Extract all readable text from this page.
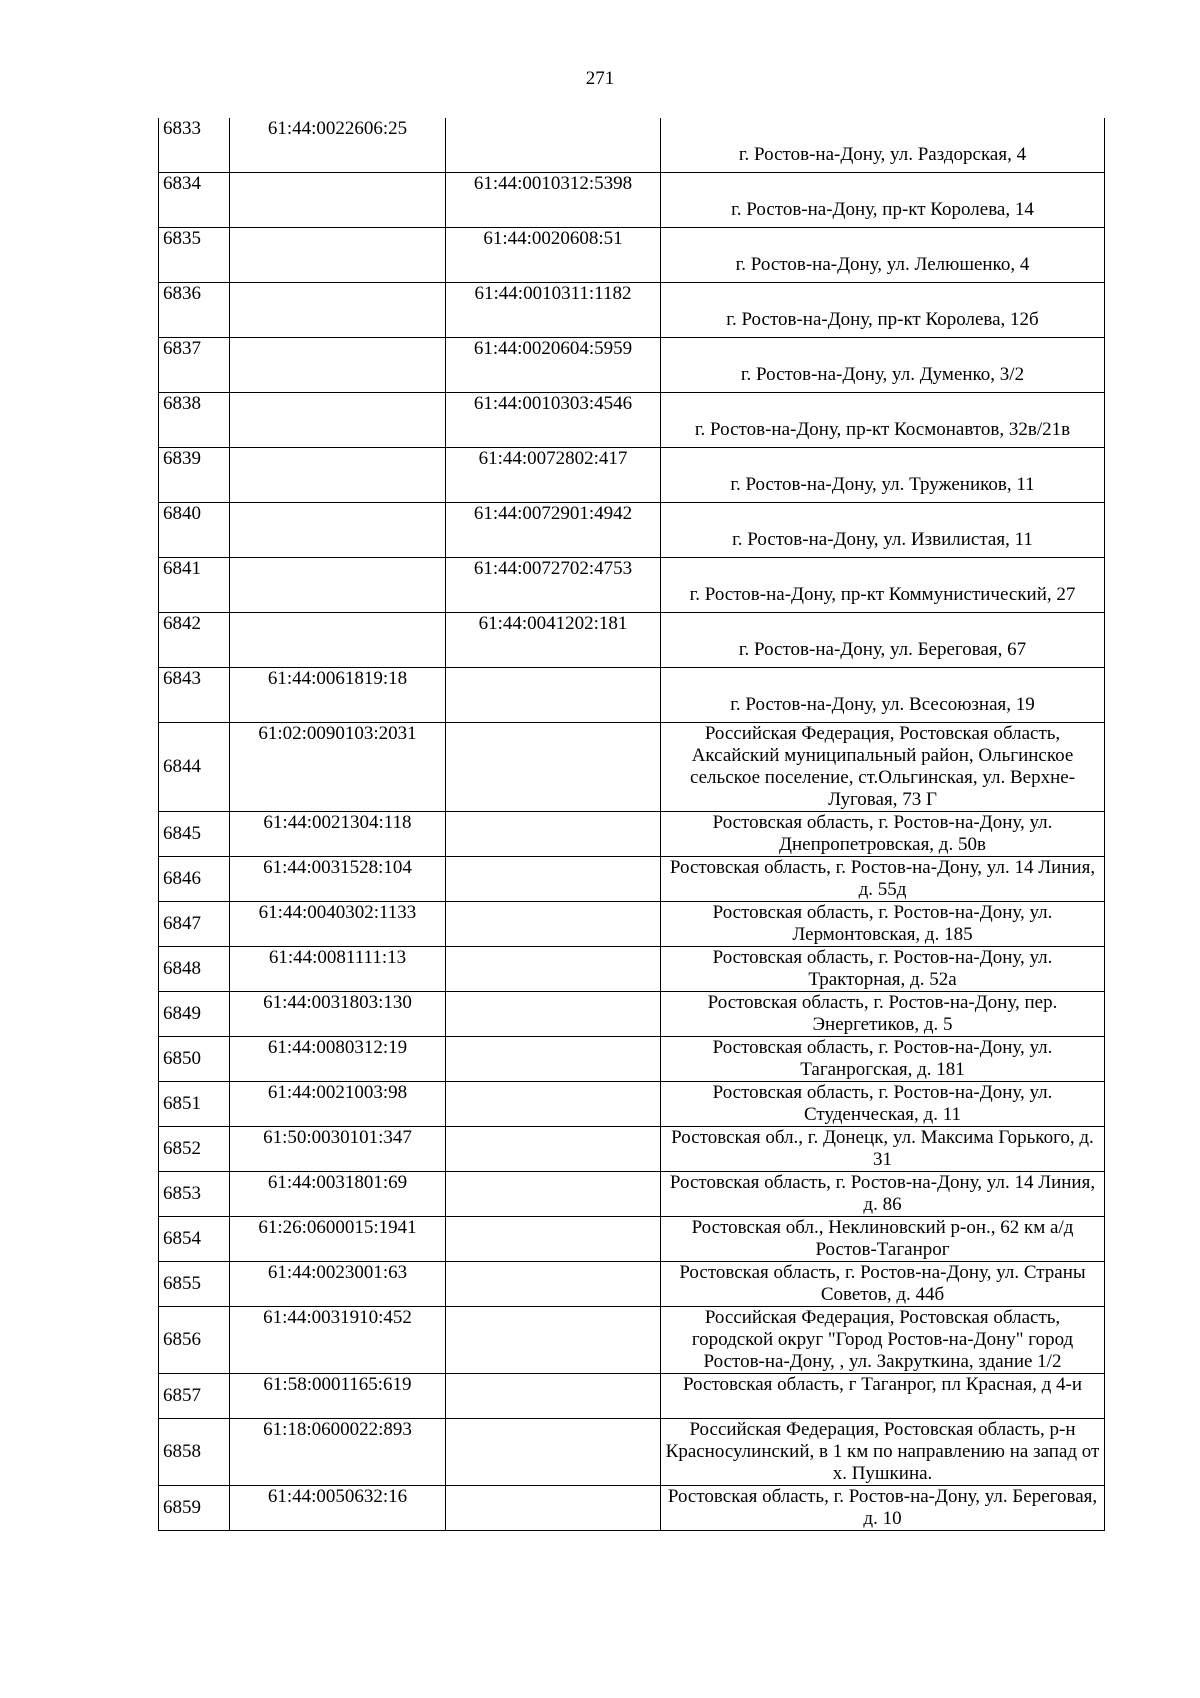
271
6833	61:44:0022606:25		г. Ростов-на-Дону, ул. Раздорская, 4
6834		61:44:0010312:5398	г. Ростов-на-Дону, пр-кт Королева, 14
6835		61:44:0020608:51	г. Ростов-на-Дону, ул. Лелюшенко, 4
6836		61:44:0010311:1182	г. Ростов-на-Дону, пр-кт Королева, 12б
6837		61:44:0020604:5959	г. Ростов-на-Дону, ул. Думенко, 3/2
6838		61:44:0010303:4546	г. Ростов-на-Дону, пр-кт Космонавтов, 32в/21в
6839		61:44:0072802:417	г. Ростов-на-Дону, ул. Тружеников, 11
6840		61:44:0072901:4942	г. Ростов-на-Дону, ул. Извилистая, 11
6841		61:44:0072702:4753	г. Ростов-на-Дону, пр-кт Коммунистический, 27
6842		61:44:0041202:181	г. Ростов-на-Дону, ул. Береговая, 67
6843	61:44:0061819:18		г. Ростов-на-Дону, ул. Всесоюзная, 19
6844	61:02:0090103:2031		Российская Федерация, Ростовская область, Аксайский муниципальный район, Ольгинское сельское поселение, ст.Ольгинская, ул. Верхне-Луговая, 73 Г
6845	61:44:0021304:118		Ростовская область, г. Ростов-на-Дону, ул. Днепропетровская, д. 50в
6846	61:44:0031528:104		Ростовская область, г. Ростов-на-Дону, ул. 14 Линия, д. 55д
6847	61:44:0040302:1133		Ростовская область, г. Ростов-на-Дону, ул. Лермонтовская, д. 185
6848	61:44:0081111:13		Ростовская область, г. Ростов-на-Дону, ул. Тракторная, д. 52а
6849	61:44:0031803:130		Ростовская область, г. Ростов-на-Дону, пер. Энергетиков, д. 5
6850	61:44:0080312:19		Ростовская область, г. Ростов-на-Дону, ул. Таганрогская, д. 181
6851	61:44:0021003:98		Ростовская область, г. Ростов-на-Дону, ул. Студенческая, д. 11
6852	61:50:0030101:347		Ростовская обл., г. Донецк, ул. Максима Горького, д. 31
6853	61:44:0031801:69		Ростовская область, г. Ростов-на-Дону, ул. 14 Линия, д. 86
6854	61:26:0600015:1941		Ростовская обл., Неклиновский р-он., 62 км а/д Ростов-Таганрог
6855	61:44:0023001:63		Ростовская область, г. Ростов-на-Дону, ул. Страны Советов, д. 44б
6856	61:44:0031910:452		Российская Федерация, Ростовская область, городской округ "Город Ростов-на-Дону" город Ростов-на-Дону, , ул. Закруткина, здание 1/2
6857	61:58:0001165:619		Ростовская область, г Таганрог, пл Красная, д 4-и
6858	61:18:0600022:893		Российская Федерация, Ростовская область, р-н Красносулинский, в 1 км по направлению на запад от х. Пушкина.
6859	61:44:0050632:16		Ростовская область, г. Ростов-на-Дону, ул. Береговая, д. 10
